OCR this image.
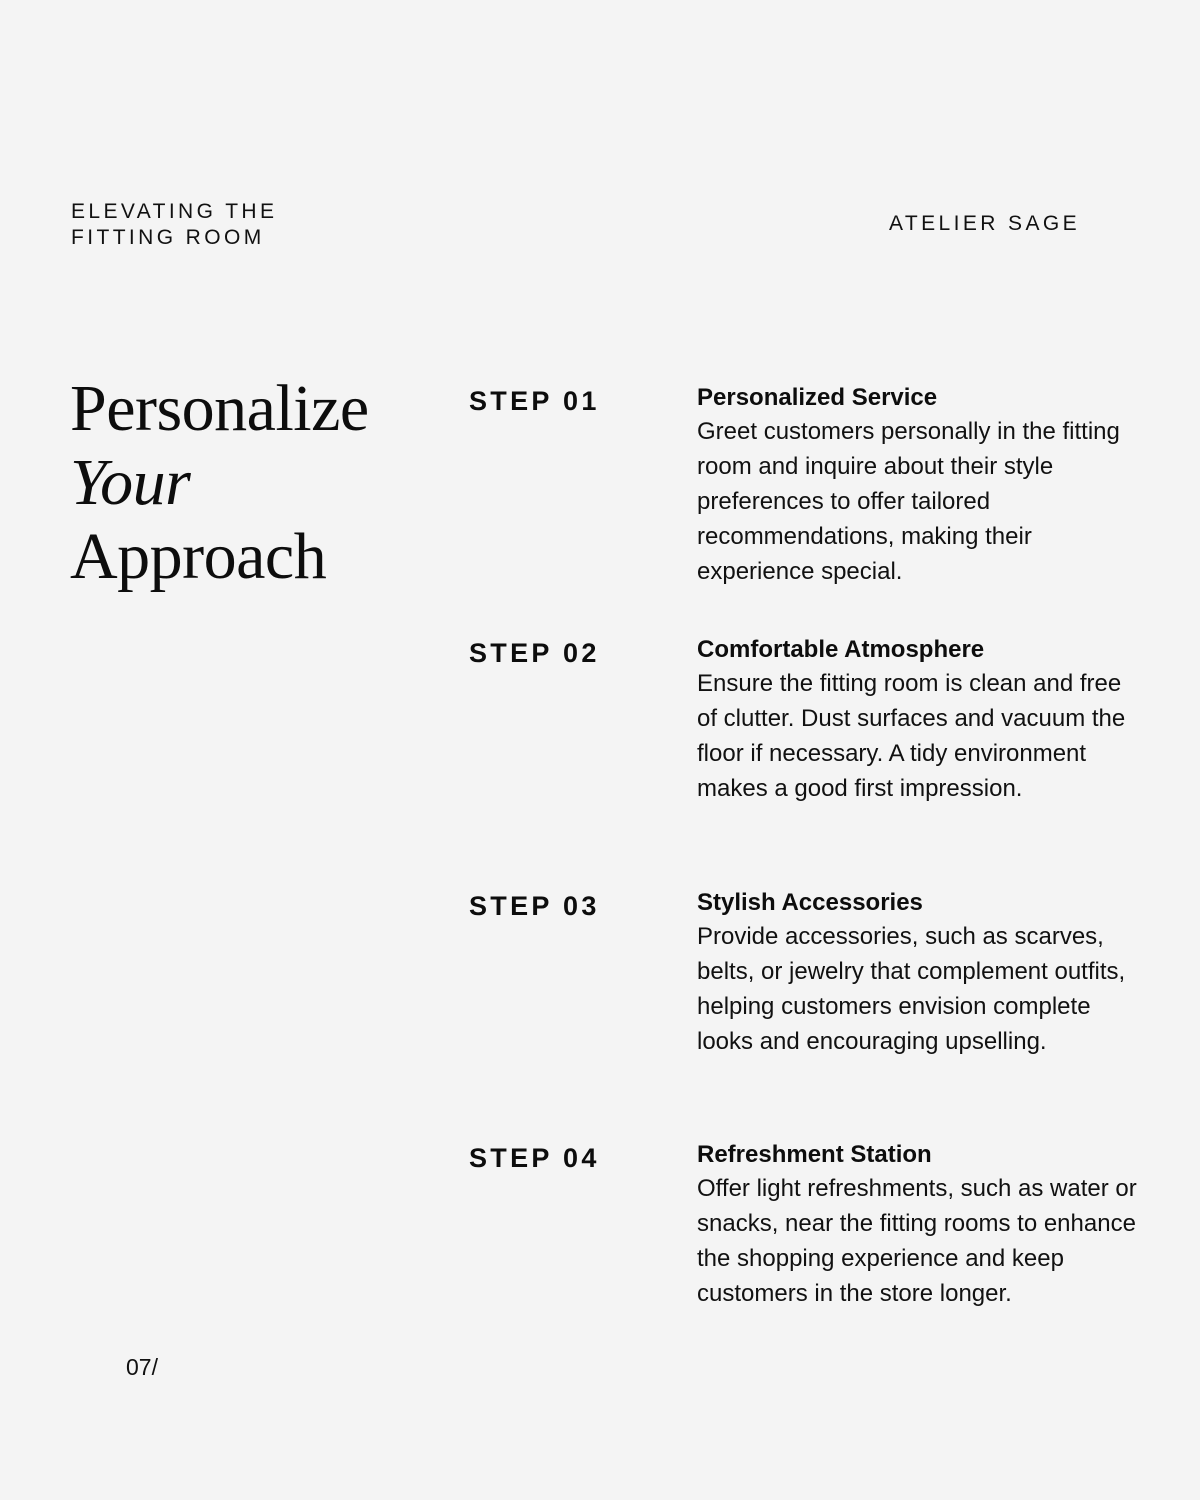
ELEVATING THE
FITTING ROOM

ATELIER SAGE

Personalize
Your
Approach
STEP 01	Personalized Service

Greet customers personally in the fitting room and inquire about their style preferences to offer tailored recommendations, making their experience special.

STEP 02	Comfortable Atmosphere

Ensure the fitting room is clean and free of clutter. Dust surfaces and vacuum the floor if necessary. A tidy environment makes a good first impression.

STEP 03	Stylish Accessories

Provide accessories, such as scarves, belts, or jewelry that complement outfits, helping customers envision complete looks and encouraging upselling.

STEP 04	Refreshment Station

Offer light refreshments, such as water or snacks, near the fitting rooms to enhance the shopping experience and keep customers in the store longer.

07/
